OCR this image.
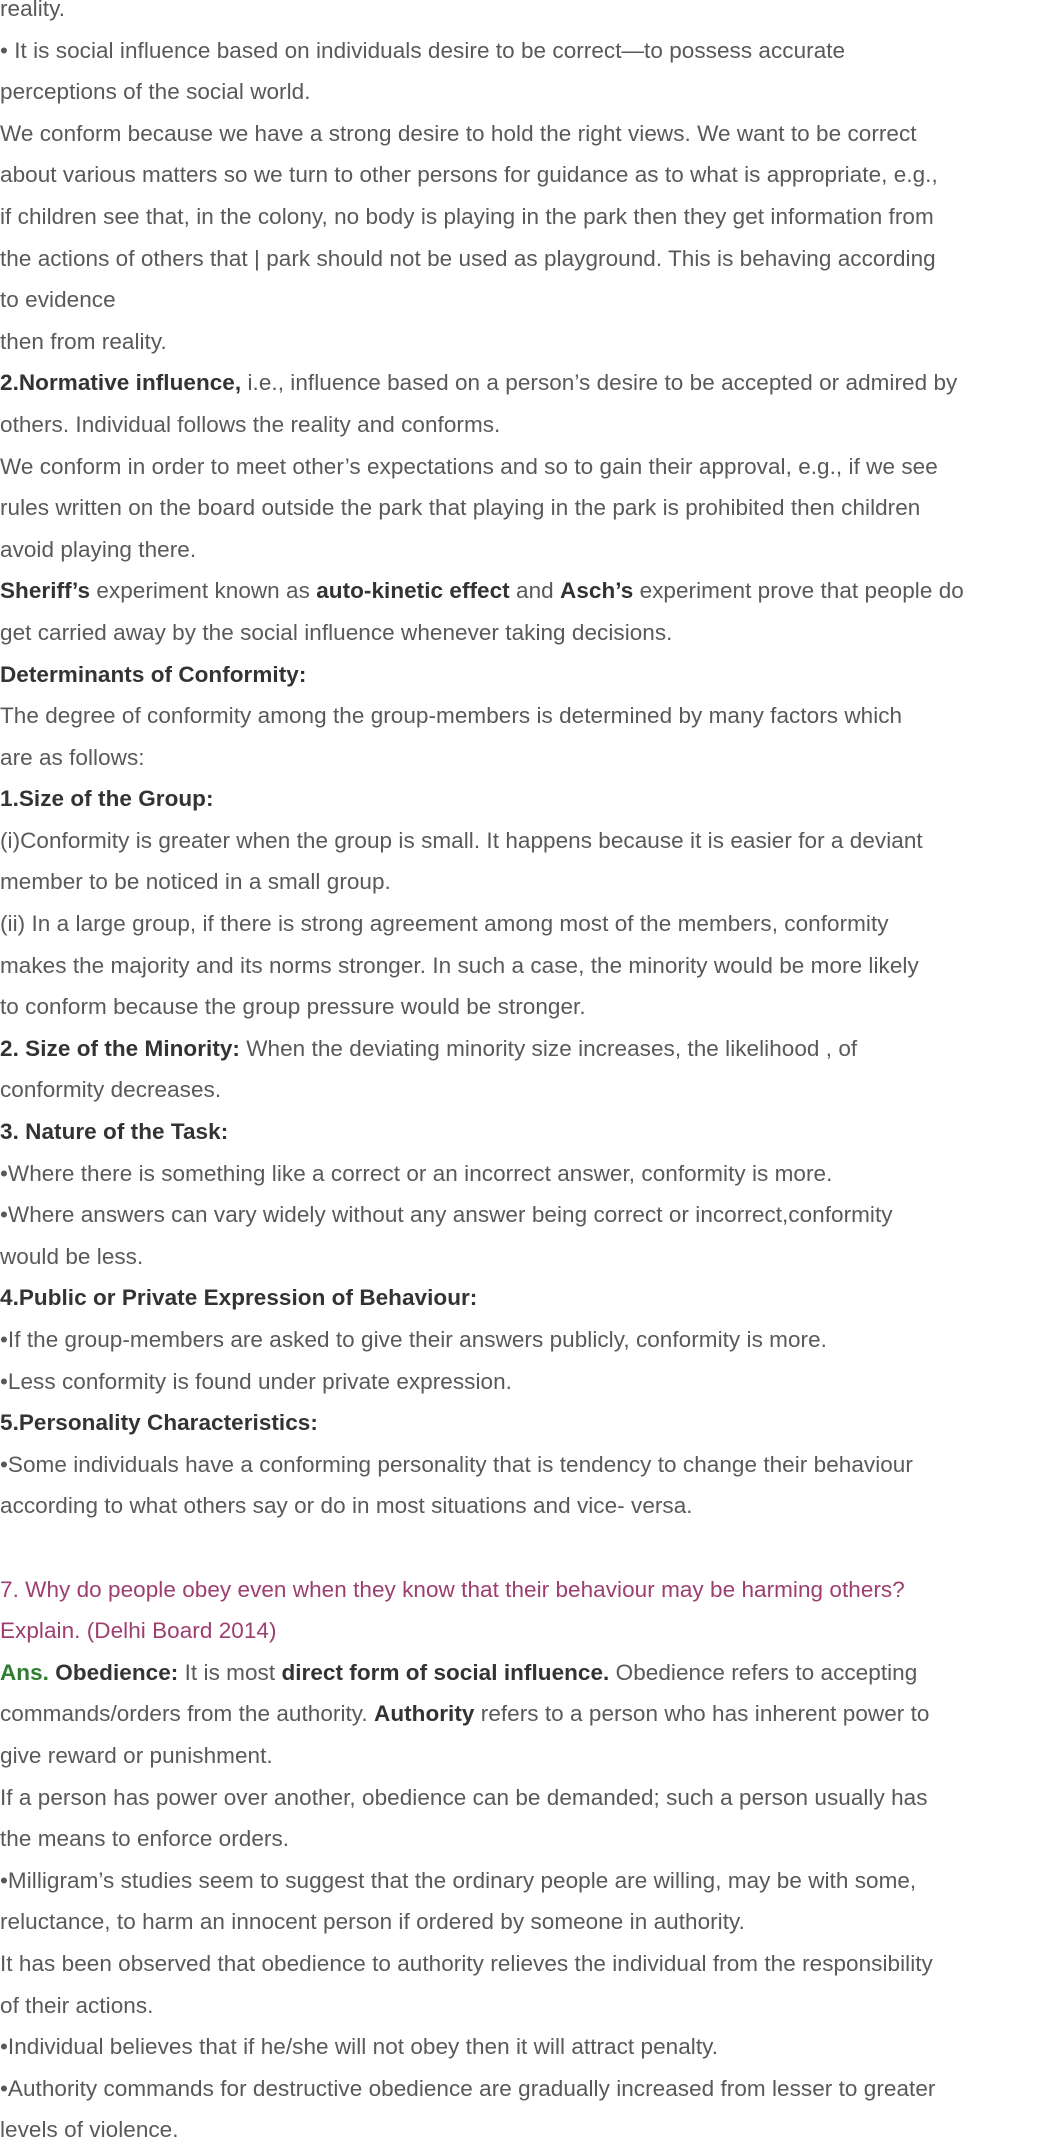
reality.
• It is social influence based on individuals desire to be correct—to possess accurate
perceptions of the social world.
We conform because we have a strong desire to hold the right views. We want to be correct
about various matters so we turn to other persons for guidance as to what is appropriate, e.g.,
if children see that, in the colony, no body is playing in the park then they get information from
the actions of others that | park should not be used as playground. This is behaving according
to evidence
then from reality.
2.Normative influence, i.e., influence based on a person’s desire to be accepted or admired by
others. Individual follows the reality and conforms.
We conform in order to meet other’s expectations and so to gain their approval, e.g., if we see
rules written on the board outside the park that playing in the park is prohibited then children
avoid playing there.
Sheriff’s experiment known as auto-kinetic effect and Asch’s experiment prove that people do
get carried away by the social influence whenever taking decisions.
Determinants of Conformity:
The degree of conformity among the group-members is determined by many factors which
are as follows:
1.Size of the Group:
(i)Conformity is greater when the group is small. It happens because it is easier for a deviant
member to be noticed in a small group.
(ii) In a large group, if there is strong agreement among most of the members, conformity
makes the majority and its norms stronger. In such a case, the minority would be more likely
to conform because the group pressure would be stronger.
2. Size of the Minority: When the deviating minority size increases, the likelihood , of
conformity decreases.
3. Nature of the Task:
•Where there is something like a correct or an incorrect answer, conformity is more.
•Where answers can vary widely without any answer being correct or incorrect,conformity
would be less.
4.Public or Private Expression of Behaviour:
•If the group-members are asked to give their answers publicly, conformity is more.
•Less conformity is found under private expression.
5.Personality Characteristics:
•Some individuals have a conforming personality that is tendency to change their behaviour
according to what others say or do in most situations and vice- versa.
7. Why do people obey even when they know that their behaviour may be harming others?
Explain. (Delhi Board 2014)
Ans. Obedience: It is most direct form of social influence. Obedience refers to accepting
commands/orders from the authority. Authority refers to a person who has inherent power to
give reward or punishment.
If a person has power over another, obedience can be demanded; such a person usually has
the means to enforce orders.
•Milligram’s studies seem to suggest that the ordinary people are willing, may be with some,
reluctance, to harm an innocent person if ordered by someone in authority.
It has been observed that obedience to authority relieves the individual from the responsibility
of their actions.
•Individual believes that if he/she will not obey then it will attract penalty.
•Authority commands for destructive obedience are gradually increased from lesser to greater
levels of violence.
